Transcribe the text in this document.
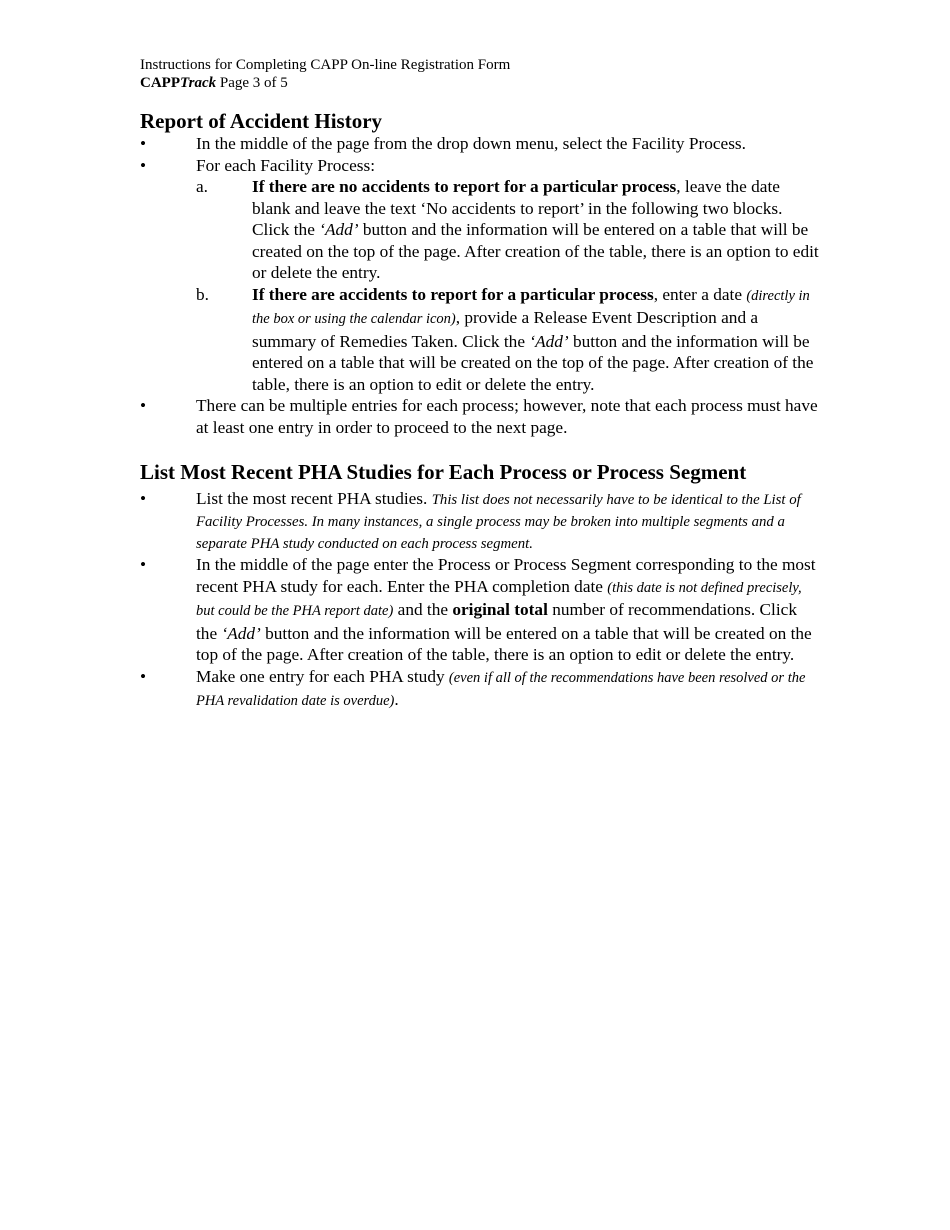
Instructions for Completing CAPP On-line Registration Form
CAPPTrack Page 3 of 5
Report of Accident History
•	In the middle of the page from the drop down menu, select the Facility Process.
•	For each Facility Process:
a.	If there are no accidents to report for a particular process, leave the date blank and leave the text ‘No accidents to report’ in the following two blocks. Click the ‘Add’ button and the information will be entered on a table that will be created on the top of the page. After creation of the table, there is an option to edit or delete the entry.
b. If there are accidents to report for a particular process, enter a date (directly in the box or using the calendar icon), provide a Release Event Description and a summary of Remedies Taken. Click the ‘Add’ button and the information will be entered on a table that will be created on the top of the page. After creation of the table, there is an option to edit or delete the entry.
•	There can be multiple entries for each process; however, note that each process must have at least one entry in order to proceed to the next page.
List Most Recent PHA Studies for Each Process or Process Segment
•	List the most recent PHA studies. This list does not necessarily have to be identical to the List of Facility Processes. In many instances, a single process may be broken into multiple segments and a separate PHA study conducted on each process segment.
•	In the middle of the page enter the Process or Process Segment corresponding to the most recent PHA study for each. Enter the PHA completion date (this date is not defined precisely, but could be the PHA report date) and the original total number of recommendations. Click the ‘Add’ button and the information will be entered on a table that will be created on the top of the page. After creation of the table, there is an option to edit or delete the entry.
•	Make one entry for each PHA study (even if all of the recommendations have been resolved or the PHA revalidation date is overdue).
